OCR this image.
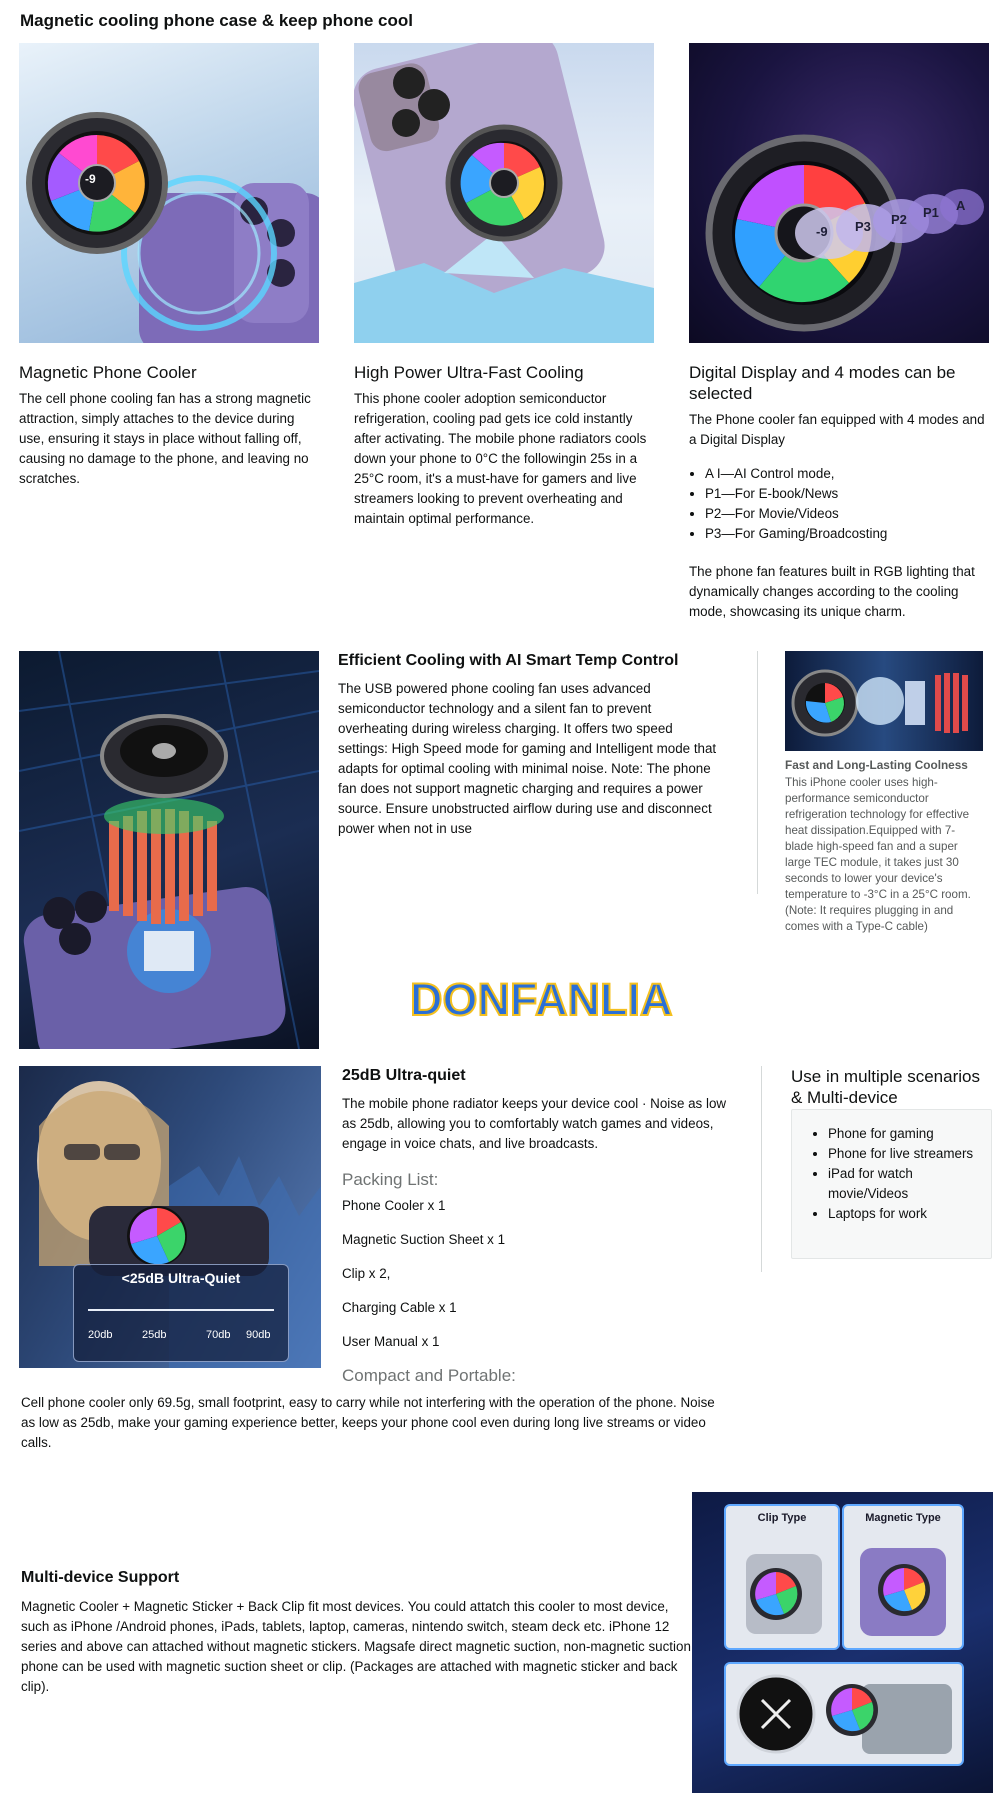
Magnetic cooling phone case & keep phone cool
-9
Magnetic Phone Cooler
The cell phone cooling fan has a strong magnetic attraction, simply attaches to the device during use, ensuring it stays in place without falling off, causing no damage to the phone, and leaving no scratches.
High Power Ultra-Fast Cooling
This phone cooler adoption semiconductor refrigeration, cooling pad gets ice cold instantly after activating. The mobile phone radiators cools down your phone to 0°C the followingin 25s in a 25°C room, it's a must-have for gamers and live streamers looking to prevent overheating and maintain optimal performance.
-9 P3 P2 P1 A
Digital Display and 4 modes can be selected
The Phone cooler fan equipped with 4 modes and a Digital Display
• A I—AI Control mode,
• P1—For E-book/News
• P2—For Movie/Videos
• P3—For Gaming/Broadcosting
The phone fan features built in RGB lighting that dynamically changes according to the cooling mode, showcasing its unique charm.
Efficient Cooling with AI Smart Temp Control
The USB powered phone cooling fan uses advanced semiconductor technology and a silent fan to prevent overheating during wireless charging. It offers two speed settings: High Speed mode for gaming and Intelligent mode that adapts for optimal cooling with minimal noise. Note: The phone fan does not support magnetic charging and requires a power source. Ensure unobstructed airflow during use and disconnect power when not in use
Fast and Long-Lasting Coolness
This iPhone cooler uses high-performance semiconductor refrigeration technology for effective heat dissipation.Equipped with 7-blade high-speed fan and a super large TEC module, it takes just 30 seconds to lower your device's temperature to -3°C in a 25°C room.(Note: It requires plugging in and comes with a Type-C cable)
DONFANLIA
<25dB Ultra-Quiet
20db	25db	70db 90db
25dB Ultra-quiet
The mobile phone radiator keeps your device cool · Noise as low as 25db, allowing you to comfortably watch games and videos, engage in voice chats, and live broadcasts.
Packing List:
Phone Cooler x 1
Magnetic Suction Sheet x 1
Clip x 2,
Charging Cable x 1
User Manual x 1
Compact and Portable:
Cell phone cooler only 69.5g, small footprint, easy to carry while not interfering with the operation of the phone. Noise as low as 25db, make your gaming experience better, keeps your phone cool even during long live streams or video calls.
Use in multiple scenarios & Multi-device
• Phone for gaming
• Phone for live streamers
• iPad for watch movie/Videos
• Laptops for work
Multi-device Support
Magnetic Cooler + Magnetic Sticker + Back Clip fit most devices. You could attatch this cooler to most device, such as iPhone /Android phones, iPads, tablets, laptop, cameras, nintendo switch, steam deck etc. iPhone 12 series and above can attached without magnetic stickers. Magsafe direct magnetic suction, non-magnetic suction phone can be used with magnetic suction sheet or clip. (Packages are attached with magnetic sticker and back clip).
Clip Type	Magnetic Type
